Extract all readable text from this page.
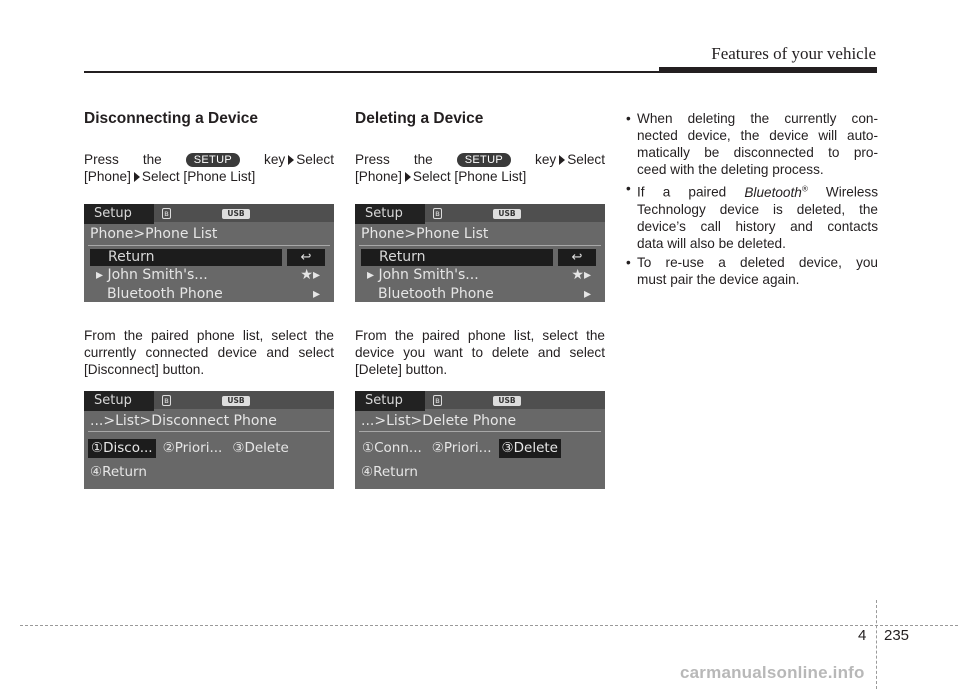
Features of your vehicle
Disconnecting a Device

Press the	SETUP	key Select
[Phone] Select [Phone List]

Setup	ʙ	USB
Phone>Phone List
Return	↩
▸ John Smith's...	★▸
Bluetooth Phone	▸

From the paired phone list, select the currently connected device and select [Disconnect] button.

Setup	ʙ	USB
...>List>Disconnect Phone
①Disco... ②Priori... ③Delete
④Return
Deleting a Device

Press the	SETUP	key Select
[Phone] Select [Phone List]

Setup	ʙ	USB
Phone>Phone List
Return	↩
▸ John Smith's...	★▸
Bluetooth Phone	▸

From the paired phone list, select the device you want to delete and select [Delete] button.

Setup	ʙ	USB
...>List>Delete Phone
①Conn... ②Priori... ③Delete
④Return
• When deleting the currently con-
nected device, the device will auto-
matically be disconnected to pro-
ceed with the deleting process.
• If a paired Bluetooth® Wireless
Technology device is deleted, the
device’s call history and contacts
data will also be deleted.
• To re-use a deleted device, you
must pair the device again.
4 235
carmanualsonline.info
